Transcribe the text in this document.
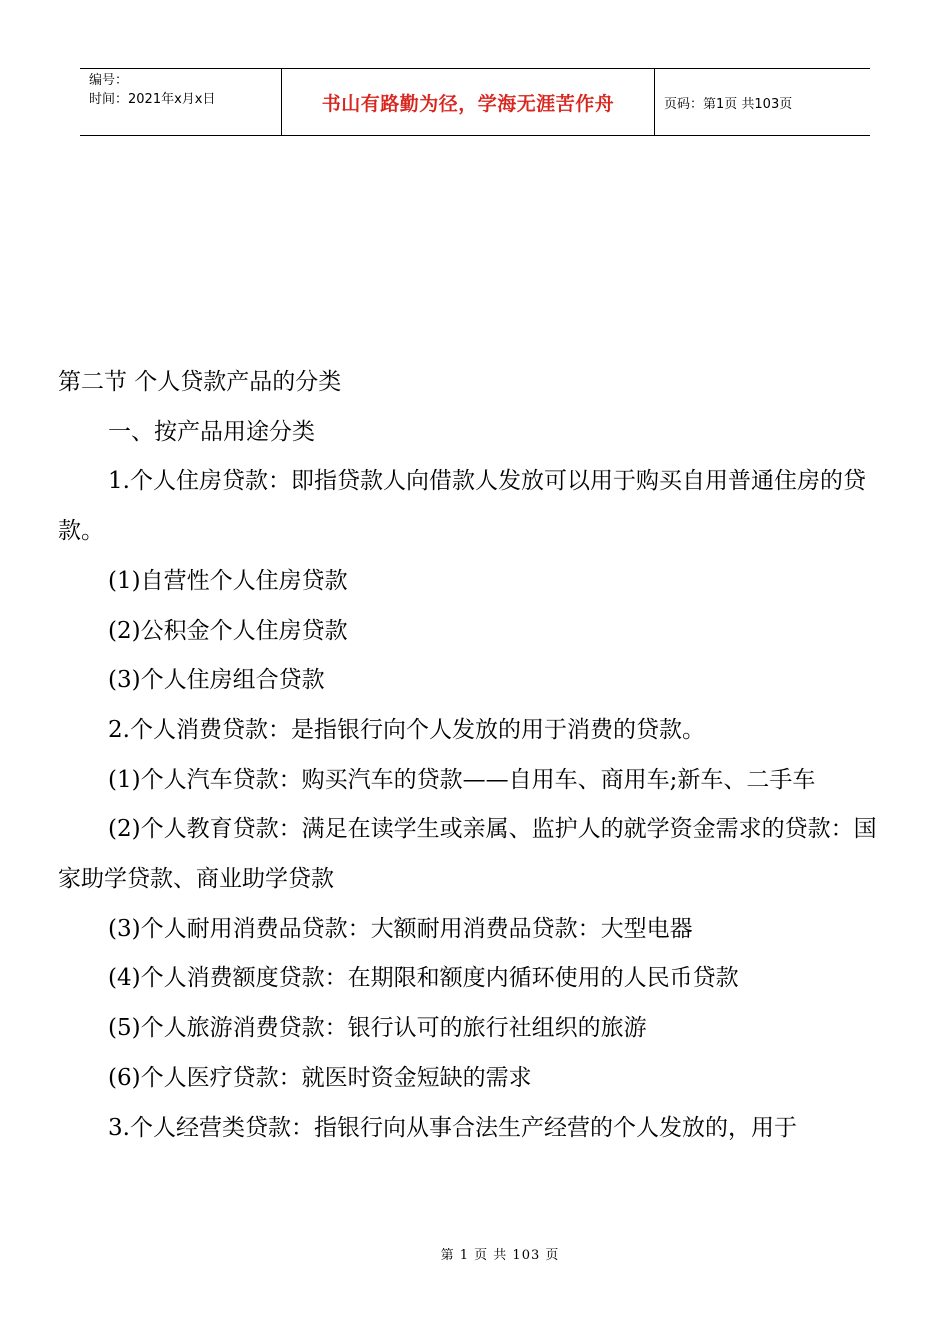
编号：
时间：2021年x月x日	书山有路勤为径，学海无涯苦作舟	页码：第1页 共103页

第二节 个人贷款产品的分类

一、按产品用途分类

1.个人住房贷款：即指贷款人向借款人发放可以用于购买自用普通住房的贷款。

(1)自营性个人住房贷款

(2)公积金个人住房贷款

(3)个人住房组合贷款

2.个人消费贷款：是指银行向个人发放的用于消费的贷款。

(1)个人汽车贷款：购买汽车的贷款——自用车、商用车;新车、二手车

(2)个人教育贷款：满足在读学生或亲属、监护人的就学资金需求的贷款：国家助学贷款、商业助学贷款

(3)个人耐用消费品贷款：大额耐用消费品贷款：大型电器

(4)个人消费额度贷款：在期限和额度内循环使用的人民币贷款

(5)个人旅游消费贷款：银行认可的旅行社组织的旅游

(6)个人医疗贷款：就医时资金短缺的需求

3.个人经营类贷款：指银行向从事合法生产经营的个人发放的，用于

第 1 页 共 103 页
